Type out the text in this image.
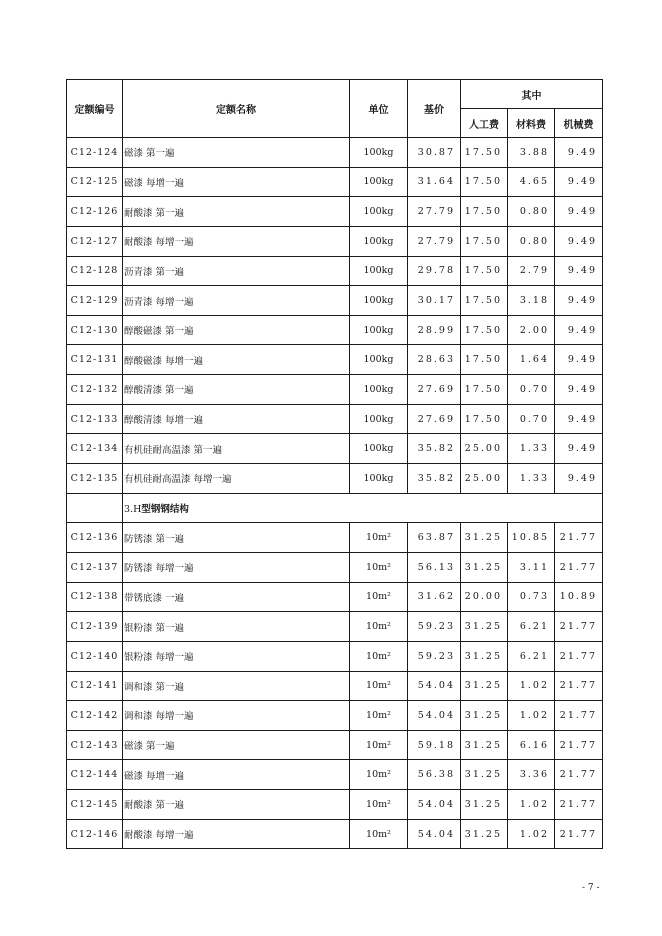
定额编号	定额名称	单位	基价	其中		
				人工费	材料费	机械费
C12-124	磁漆 第一遍	100kg	30.87	17.50	3.88	9.49
C12-125	磁漆 每增一遍	100kg	31.64	17.50	4.65	9.49
C12-126	耐酸漆 第一遍	100kg	27.79	17.50	0.80	9.49
C12-127	耐酸漆 每增一遍	100kg	27.79	17.50	0.80	9.49
C12-128	沥青漆 第一遍	100kg	29.78	17.50	2.79	9.49
C12-129	沥青漆 每增一遍	100kg	30.17	17.50	3.18	9.49
C12-130	醇酸磁漆 第一遍	100kg	28.99	17.50	2.00	9.49
C12-131	醇酸磁漆 每增一遍	100kg	28.63	17.50	1.64	9.49
C12-132	醇酸清漆 第一遍	100kg	27.69	17.50	0.70	9.49
C12-133	醇酸清漆 每增一遍	100kg	27.69	17.50	0.70	9.49
C12-134	有机硅耐高温漆 第一遍	100kg	35.82	25.00	1.33	9.49
C12-135	有机硅耐高温漆 每增一遍	100kg	35.82	25.00	1.33	9.49
	3.H型钢钢结构					
C12-136	防锈漆 第一遍	10m²	63.87	31.25	10.85	21.77
C12-137	防锈漆 每增一遍	10m²	56.13	31.25	3.11	21.77
C12-138	带锈底漆 一遍	10m²	31.62	20.00	0.73	10.89
C12-139	银粉漆 第一遍	10m²	59.23	31.25	6.21	21.77
C12-140	银粉漆 每增一遍	10m²	59.23	31.25	6.21	21.77
C12-141	调和漆 第一遍	10m²	54.04	31.25	1.02	21.77
C12-142	调和漆 每增一遍	10m²	54.04	31.25	1.02	21.77
C12-143	磁漆 第一遍	10m²	59.18	31.25	6.16	21.77
C12-144	磁漆 每增一遍	10m²	56.38	31.25	3.36	21.77
C12-145	耐酸漆 第一遍	10m²	54.04	31.25	1.02	21.77
C12-146	耐酸漆 每增一遍	10m²	54.04	31.25	1.02	21.77
- 7 -
